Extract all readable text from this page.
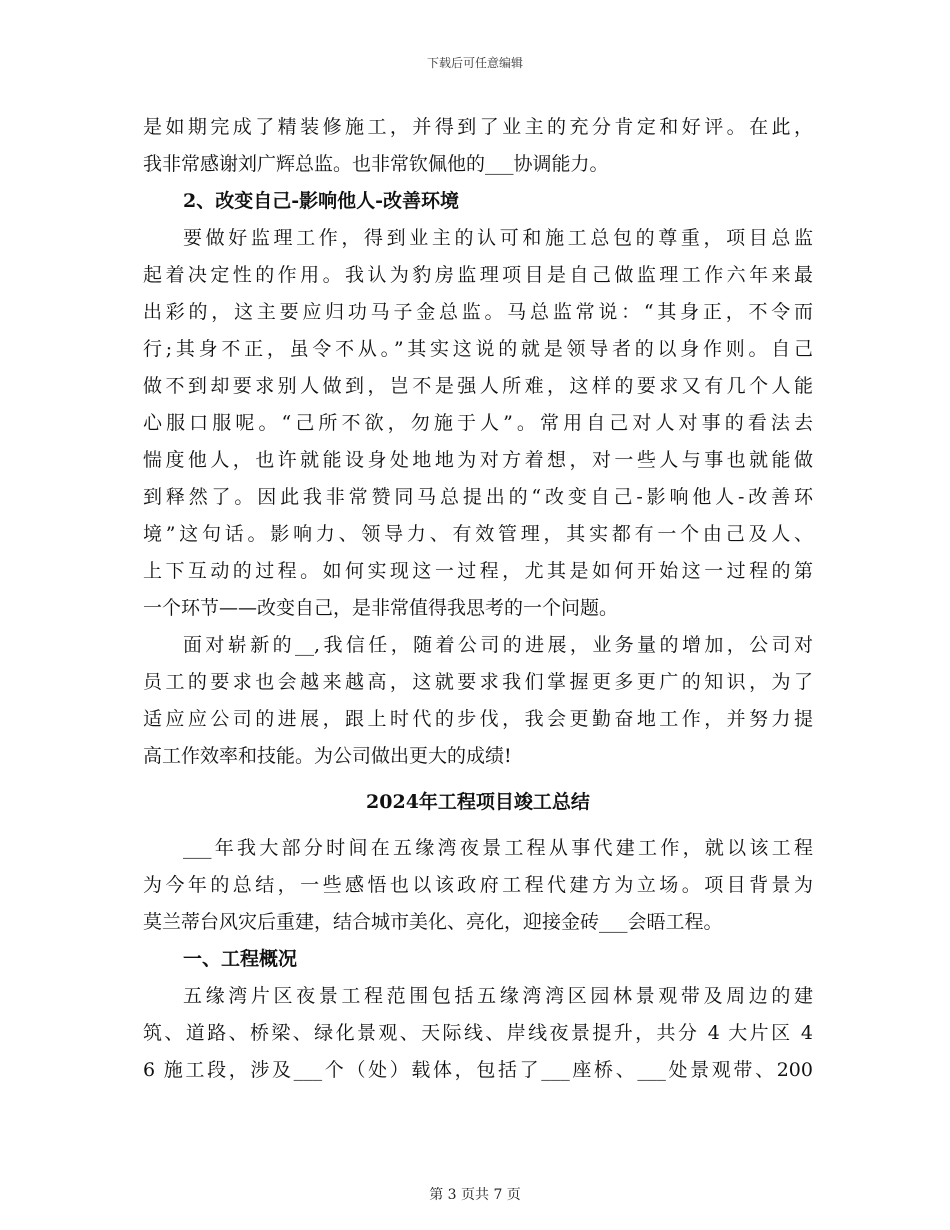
下载后可任意编辑
是如期完成了精装修施工，并得到了业主的充分肯定和好评。在此，
我非常感谢刘广辉总监。也非常钦佩他的___协调能力。
2、改变自己-影响他人-改善环境
要做好监理工作，得到业主的认可和施工总包的尊重，项目总监
起着决定性的作用。我认为豹房监理项目是自己做监理工作六年来最
出彩的，这主要应归功马子金总监。马总监常说：“其身正，不令而
行;其身不正，虽令不从。”其实这说的就是领导者的以身作则。自己
做不到却要求别人做到，岂不是强人所难，这样的要求又有几个人能
心服口服呢。“己所不欲，勿施于人”。常用自己对人对事的看法去
惴度他人，也许就能设身处地地为对方着想，对一些人与事也就能做
到释然了。因此我非常赞同马总提出的“改变自己-影响他人-改善环
境”这句话。影响力、领导力、有效管理，其实都有一个由己及人、
上下互动的过程。如何实现这一过程，尤其是如何开始这一过程的第
一个环节——改变自己，是非常值得我思考的一个问题。
面对崭新的__,我信任，随着公司的进展，业务量的增加，公司对
员工的要求也会越来越高，这就要求我们掌握更多更广的知识，为了
适应应公司的进展，跟上时代的步伐，我会更勤奋地工作，并努力提
高工作效率和技能。为公司做出更大的成绩!
2024年工程项目竣工总结
___年我大部分时间在五缘湾夜景工程从事代建工作，就以该工程
为今年的总结，一些感悟也以该政府工程代建方为立场。项目背景为
莫兰蒂台风灾后重建，结合城市美化、亮化，迎接金砖___会晤工程。
一、工程概况
五缘湾片区夜景工程范围包括五缘湾湾区园林景观带及周边的建
筑、道路、桥梁、绿化景观、天际线、岸线夜景提升，共分 4 大片区 4
6 施工段，涉及___个（处）载体，包括了___座桥、___处景观带、200
第 3 页共 7 页
